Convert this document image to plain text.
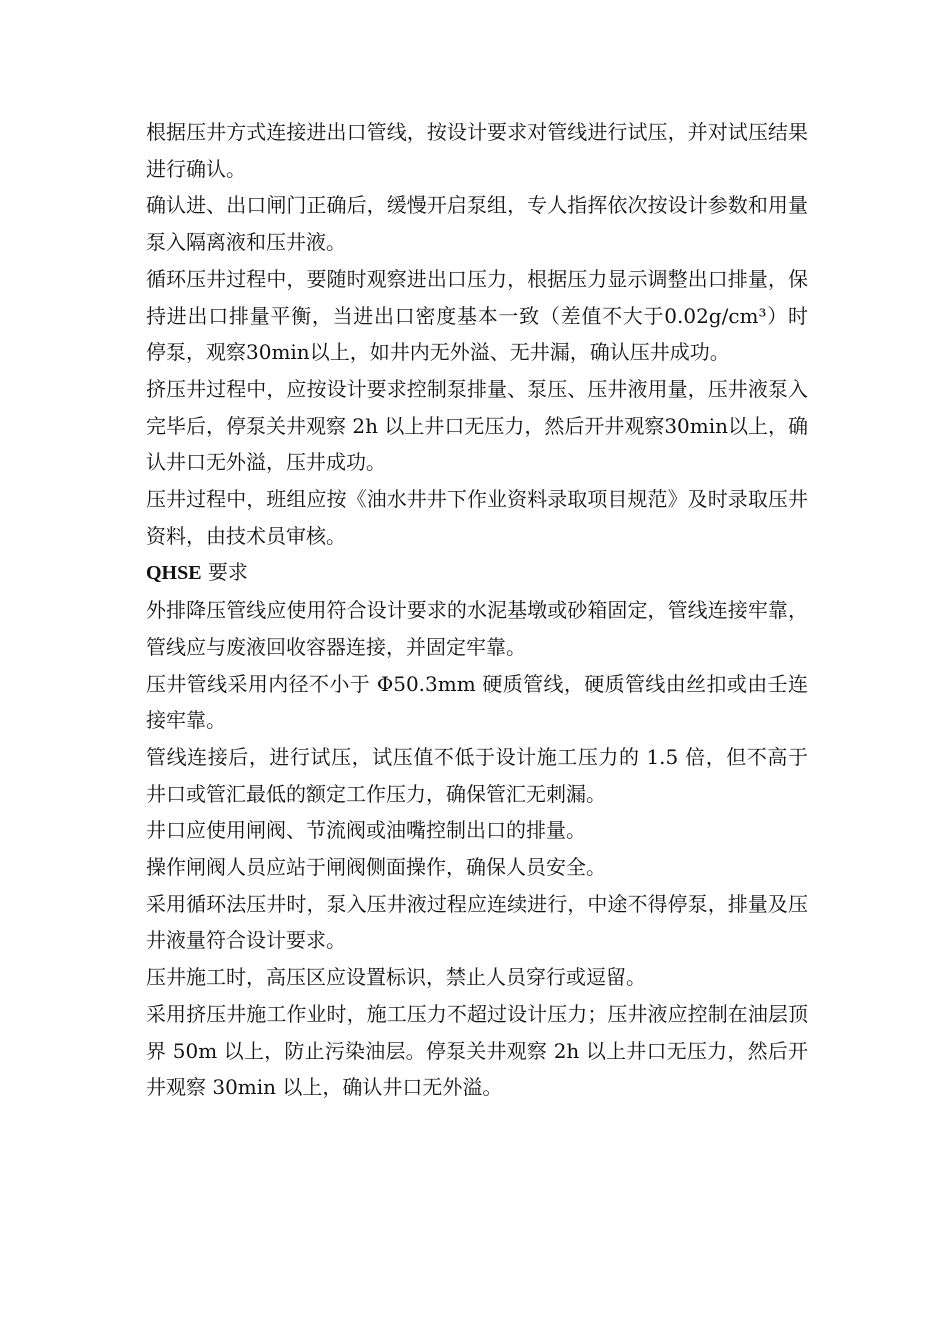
根据压井方式连接进出口管线，按设计要求对管线进行试压，并对试压结果进行确认。

确认进、出口闸门正确后，缓慢开启泵组，专人指挥依次按设计参数和用量泵入隔离液和压井液。

循环压井过程中，要随时观察进出口压力，根据压力显示调整出口排量，保持进出口排量平衡，当进出口密度基本一致（差值不大于0.02g/cm³）时停泵，观察30min以上，如井内无外溢、无井漏，确认压井成功。

挤压井过程中，应按设计要求控制泵排量、泵压、压井液用量，压井液泵入完毕后，停泵关井观察 2h 以上井口无压力，然后开井观察30min以上，确认井口无外溢，压井成功。

压井过程中，班组应按《油水井井下作业资料录取项目规范》及时录取压井资料，由技术员审核。

QHSE 要求

外排降压管线应使用符合设计要求的水泥基墩或砂箱固定，管线连接牢靠，管线应与废液回收容器连接，并固定牢靠。

压井管线采用内径不小于 Φ50.3mm 硬质管线，硬质管线由丝扣或由壬连接牢靠。

管线连接后，进行试压，试压值不低于设计施工压力的 1.5 倍，但不高于井口或管汇最低的额定工作压力，确保管汇无刺漏。

井口应使用闸阀、节流阀或油嘴控制出口的排量。

操作闸阀人员应站于闸阀侧面操作，确保人员安全。

采用循环法压井时，泵入压井液过程应连续进行，中途不得停泵，排量及压井液量符合设计要求。

压井施工时，高压区应设置标识，禁止人员穿行或逗留。

采用挤压井施工作业时，施工压力不超过设计压力；压井液应控制在油层顶界 50m 以上，防止污染油层。停泵关井观察 2h 以上井口无压力，然后开井观察 30min 以上，确认井口无外溢。
